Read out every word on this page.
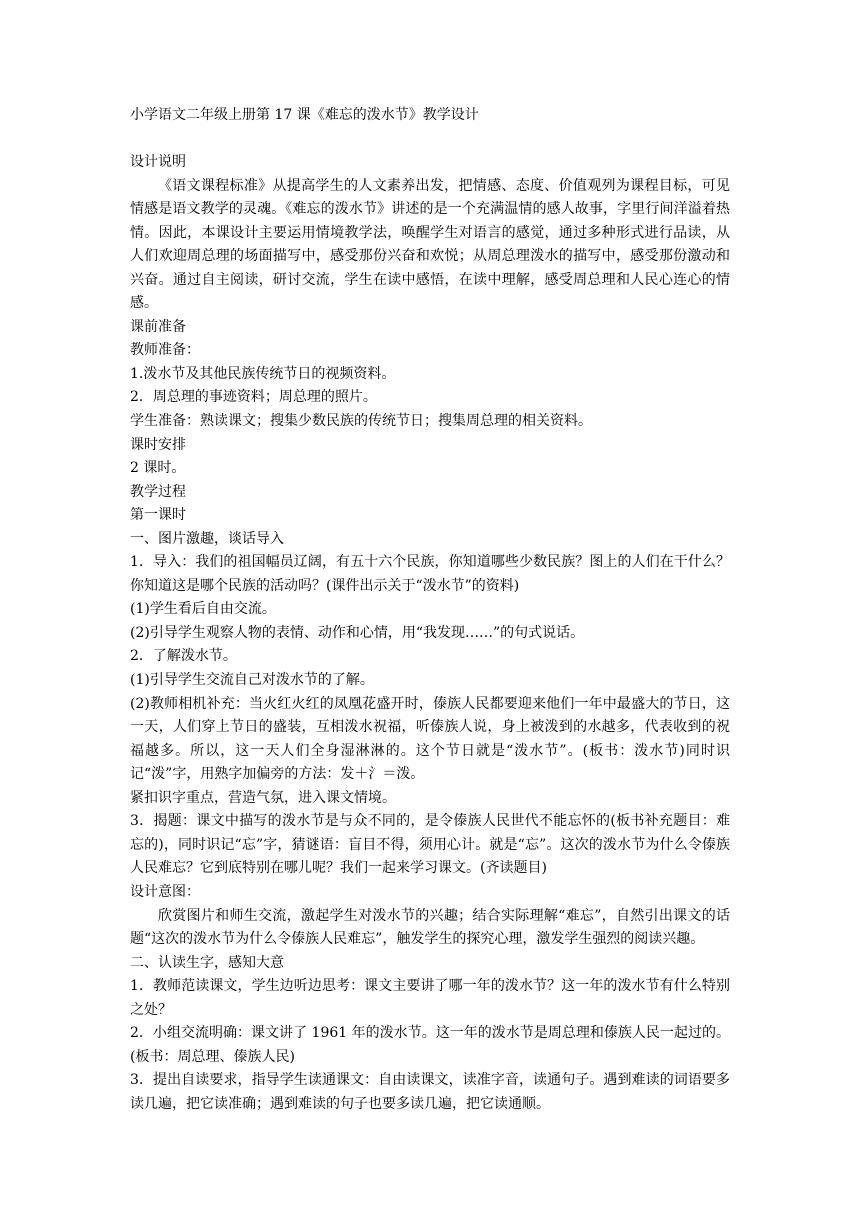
小学语文二年级上册第 17 课《难忘的泼水节》教学设计

设计说明

《语文课程标准》从提高学生的人文素养出发，把情感、态度、价值观列为课程目标，可见情感是语文教学的灵魂。《难忘的泼水节》讲述的是一个充满温情的感人故事，字里行间洋溢着热情。因此，本课设计主要运用情境教学法，唤醒学生对语言的感觉，通过多种形式进行品读，从人们欢迎周总理的场面描写中，感受那份兴奋和欢悦；从周总理泼水的描写中，感受那份激动和兴奋。通过自主阅读，研讨交流，学生在读中感悟，在读中理解，感受周总理和人民心连心的情感。

课前准备

教师准备：

1.泼水节及其他民族传统节日的视频资料。

2．周总理的事迹资料；周总理的照片。

学生准备：熟读课文；搜集少数民族的传统节日；搜集周总理的相关资料。

课时安排

2 课时。

教学过程

第一课时

一、图片激趣，谈话导入

1．导入：我们的祖国幅员辽阔，有五十六个民族，你知道哪些少数民族？图上的人们在干什么？你知道这是哪个民族的活动吗？(课件出示关于“泼水节”的资料)

(1)学生看后自由交流。

(2)引导学生观察人物的表情、动作和心情，用“我发现……”的句式说话。

2．了解泼水节。

(1)引导学生交流自己对泼水节的了解。

(2)教师相机补充：当火红火红的凤凰花盛开时，傣族人民都要迎来他们一年中最盛大的节日，这一天，人们穿上节日的盛装，互相泼水祝福，听傣族人说，身上被泼到的水越多，代表收到的祝福越多。所以，这一天人们全身湿淋淋的。这个节日就是“泼水节”。(板书：泼水节)同时识记“泼”字，用熟字加偏旁的方法：发＋氵＝泼。

紧扣识字重点，营造气氛，进入课文情境。

3．揭题：课文中描写的泼水节是与众不同的，是令傣族人民世代不能忘怀的(板书补充题目：难忘的)，同时识记“忘”字，猜谜语：盲目不得，须用心计。就是“忘”。这次的泼水节为什么令傣族人民难忘？它到底特别在哪儿呢？我们一起来学习课文。(齐读题目)

设计意图：

欣赏图片和师生交流，激起学生对泼水节的兴趣；结合实际理解“难忘”，自然引出课文的话题“这次的泼水节为什么令傣族人民难忘”，触发学生的探究心理，激发学生强烈的阅读兴趣。

二、认读生字，感知大意

1．教师范读课文，学生边听边思考：课文主要讲了哪一年的泼水节？这一年的泼水节有什么特别之处？

2．小组交流明确：课文讲了 1961 年的泼水节。这一年的泼水节是周总理和傣族人民一起过的。(板书：周总理、傣族人民)

3．提出自读要求，指导学生读通课文：自由读课文，读准字音，读通句子。遇到难读的词语要多读几遍，把它读准确；遇到难读的句子也要多读几遍，把它读通顺。
